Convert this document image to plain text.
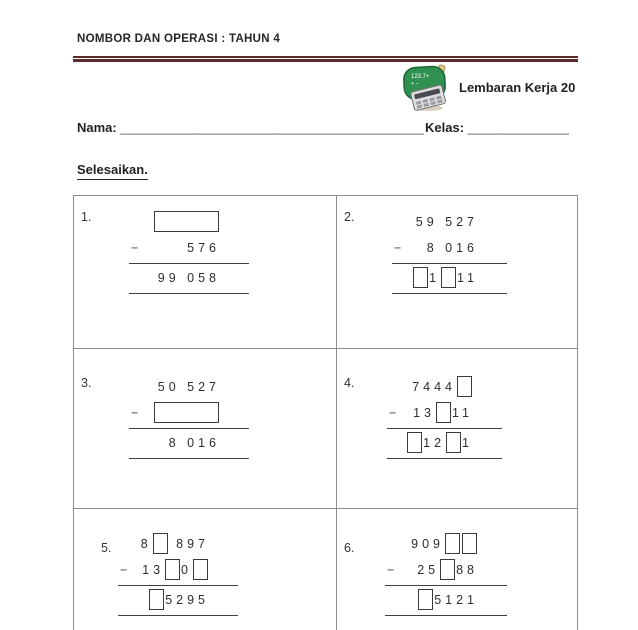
NOMBOR DAN OPERASI : TAHUN 4
123.7+
+ −	Lembaran Kerja 20
Nama: __________________________________________ Kelas: ______________
Selesaikan.
1.
−	576
99 058
2.	59 527
− 8 016
1 11
3.	50 527
−
8 016
4.	7444
− 13 11
12 1
5.	8 897
− 13 0
5295
6.	909
− 25 88
5121
